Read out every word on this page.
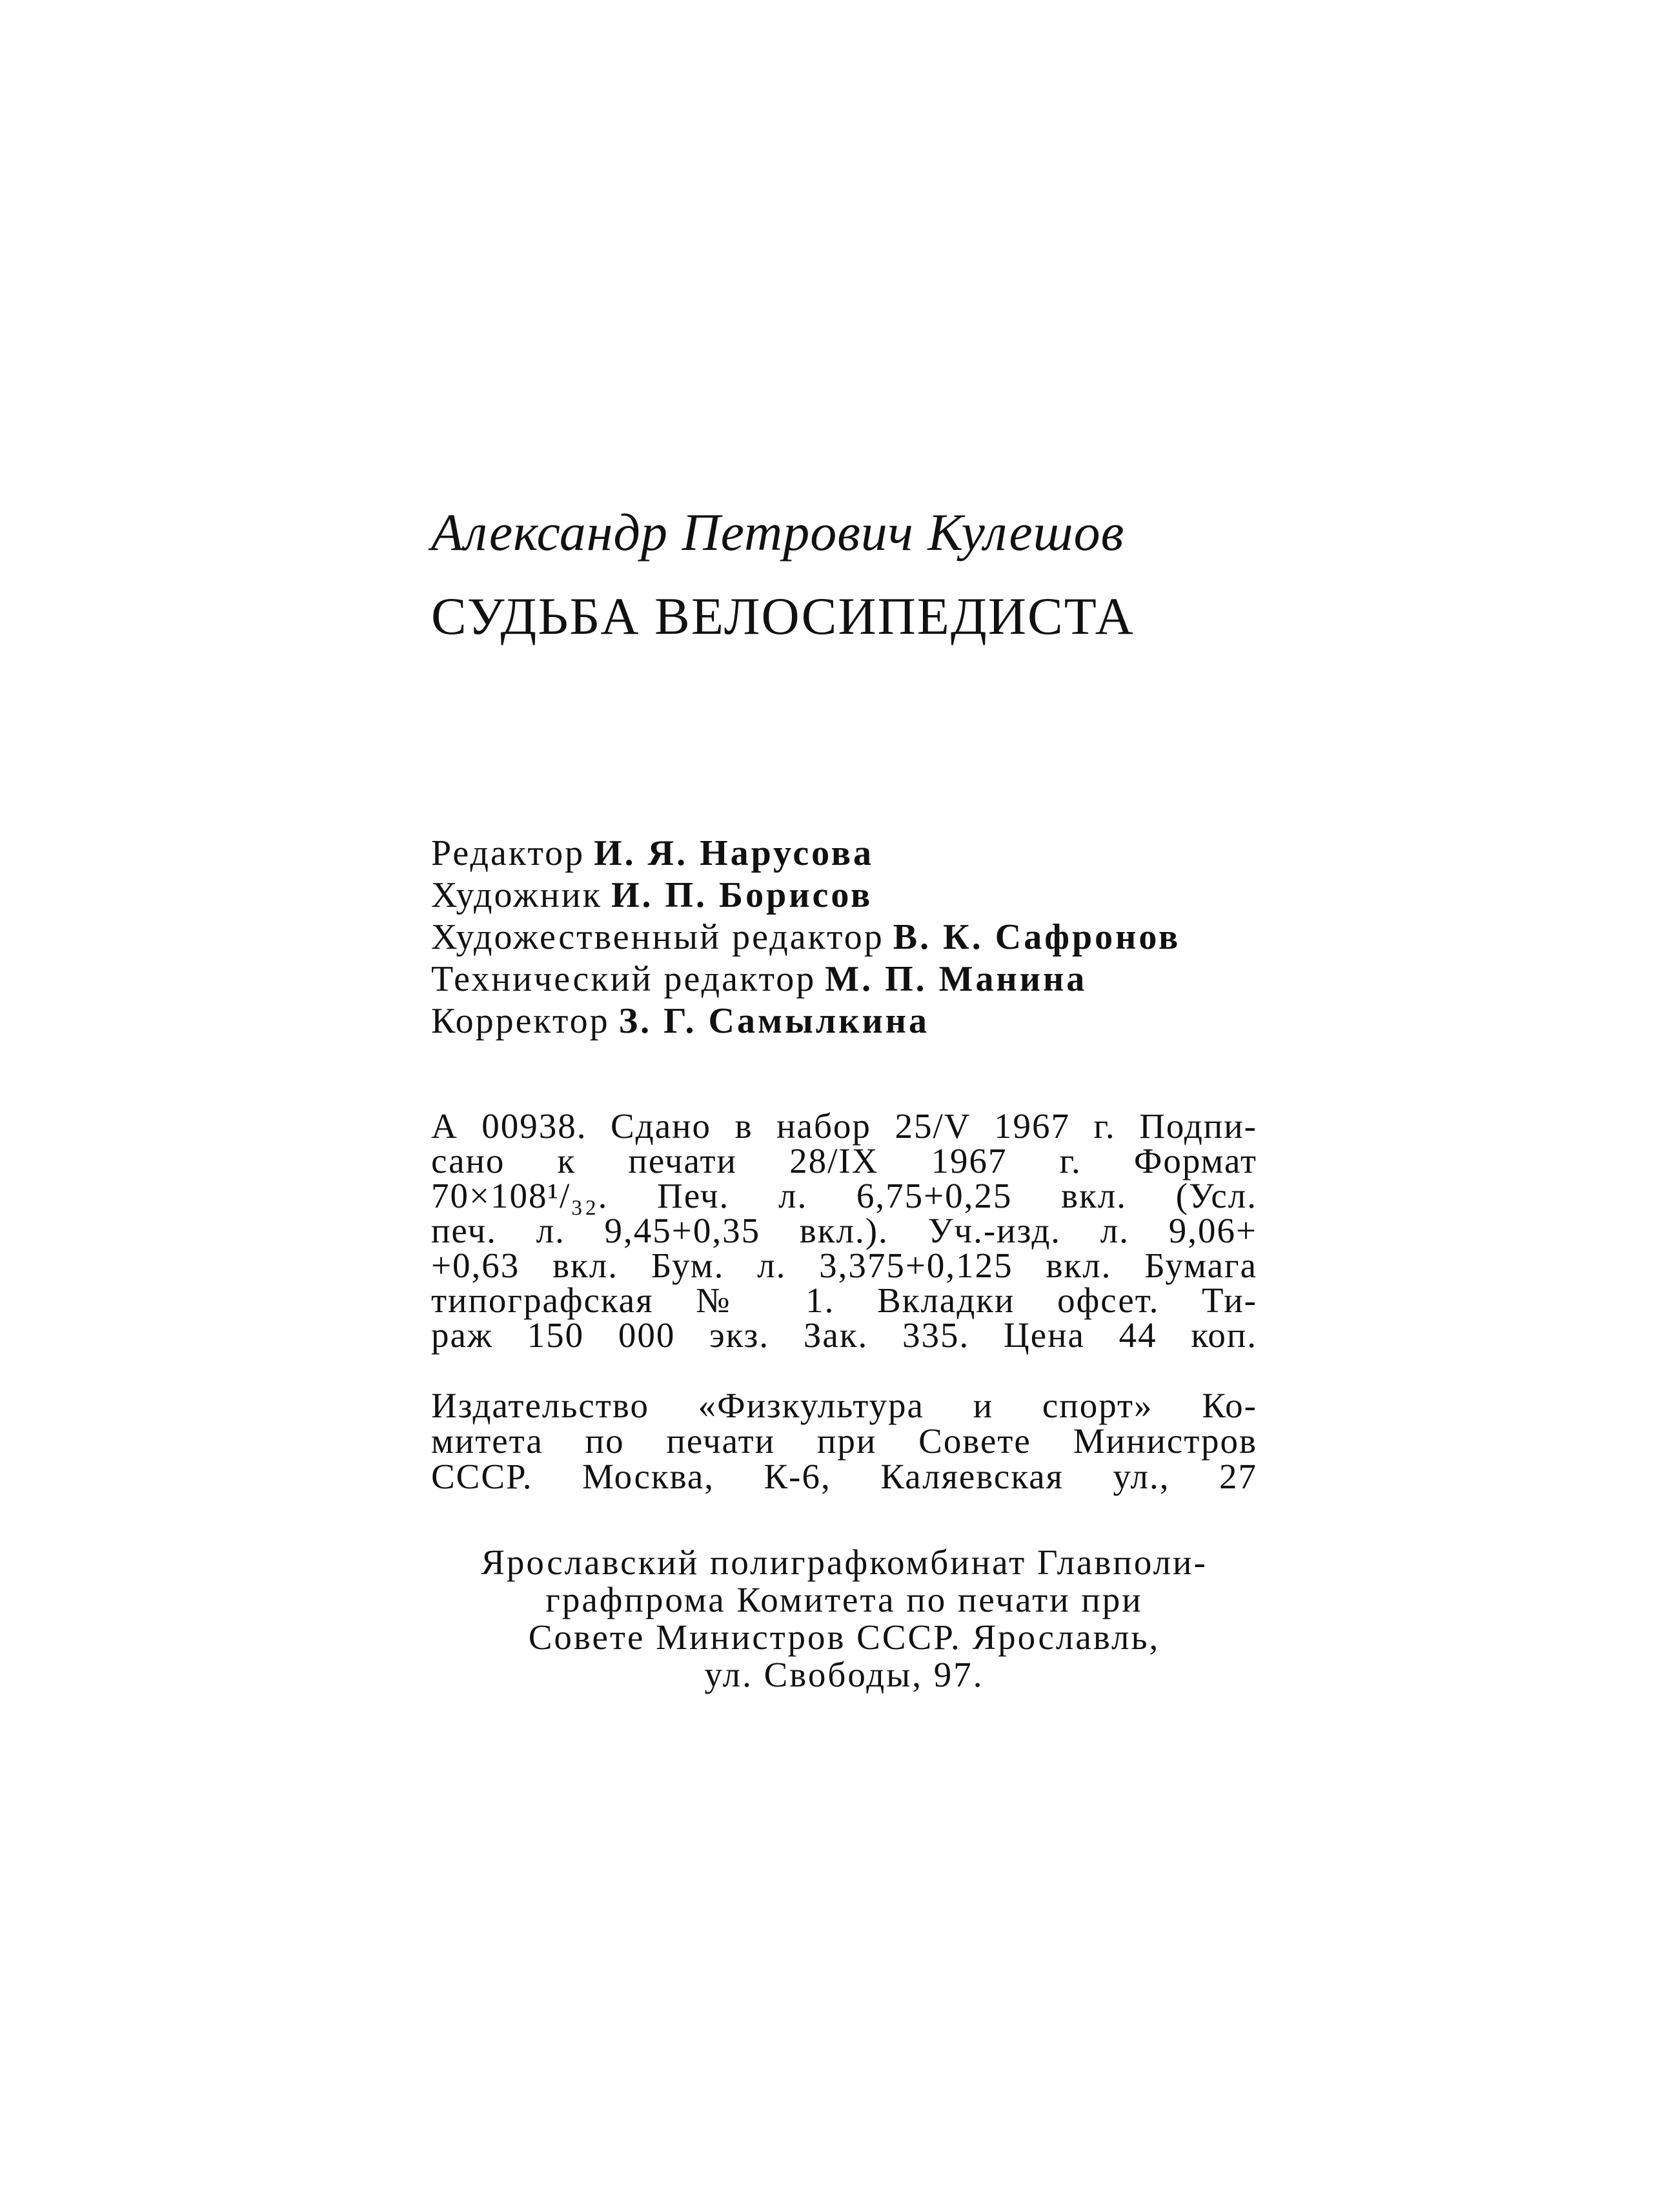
Александр Петрович Кулешов
СУДЬБА ВЕЛОСИПЕДИСТА
Редактор И. Я. Нарусова
Художник И. П. Борисов
Художественный редактор В. К. Сафронов
Технический редактор М. П. Манина
Корректор З. Г. Самылкина
А 00938. Сдано в набор 25/V 1967 г. Подпи-
сано к печати 28/IX 1967 г. Формат
70×108¹/₃₂. Печ. л. 6,75+0,25 вкл. (Усл.
печ. л. 9,45+0,35 вкл.). Уч.-изд. л. 9,06+
+0,63 вкл. Бум. л. 3,375+0,125 вкл. Бумага
типографская № 1. Вкладки офсет. Ти-
раж 150 000 экз. Зак. 335. Цена 44 коп.
Издательство «Физкультура и спорт» Ко-
митета по печати при Совете Министров
СССР. Москва, К-6, Каляевская ул., 27
Ярославский полиграфкомбинат Главполи-
графпрома Комитета по печати при
Совете Министров СССР. Ярославль,
ул. Свободы, 97.
